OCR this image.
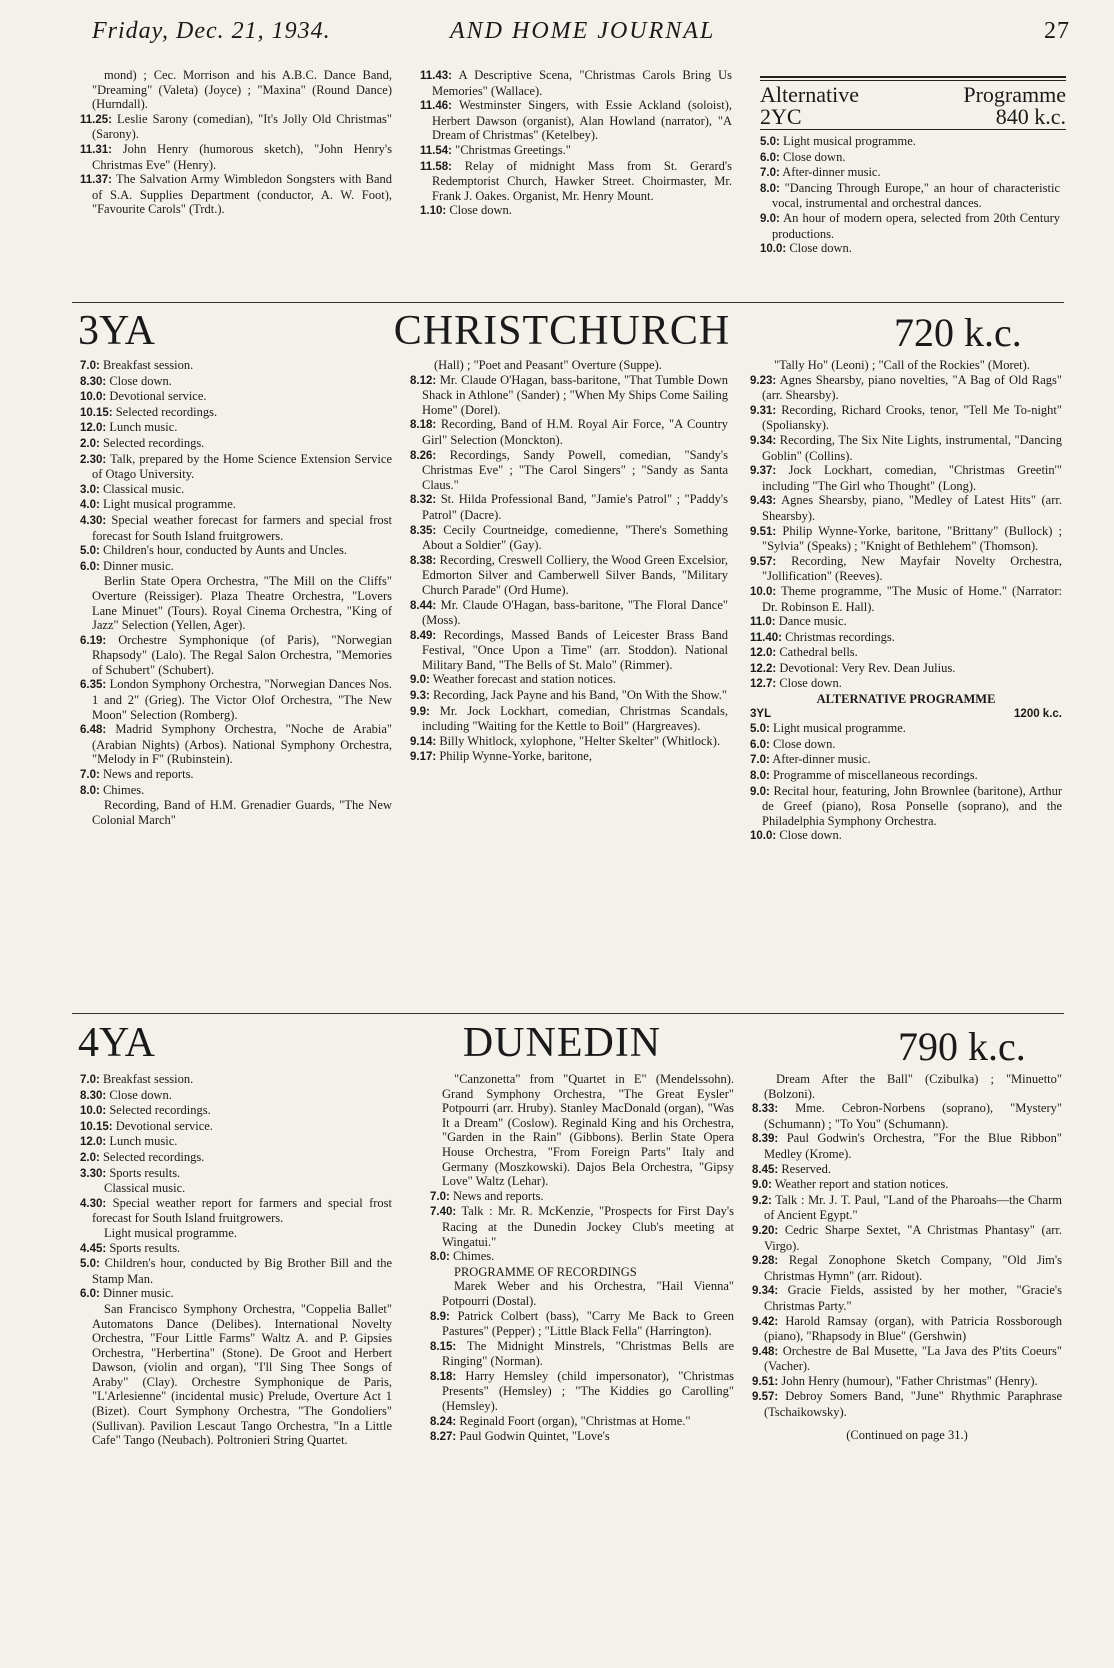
Friday, Dec. 21, 1934.	AND HOME JOURNAL	27

mond) ; Cec. Morrison and his A.B.C. Dance Band, "Dreaming" (Valeta) (Joyce) ; "Maxina" (Round Dance) (Hurndall).

11.25: Leslie Sarony (comedian), "It's Jolly Old Christmas" (Sarony).

11.31: John Henry (humorous sketch), "John Henry's Christmas Eve" (Henry).

11.37: The Salvation Army Wimbledon Songsters with Band of S.A. Supplies Department (conductor, A. W. Foot), "Favourite Carols" (Trdt.).

11.43: A Descriptive Scena, "Christmas Carols Bring Us Memories" (Wallace).

11.46: Westminster Singers, with Essie Ackland (soloist), Herbert Dawson (organist), Alan Howland (narrator), "A Dream of Christmas" (Ketelbey).

11.54: "Christmas Greetings."

11.58: Relay of midnight Mass from St. Gerard's Redemptorist Church, Hawker Street. Choirmaster, Mr. Frank J. Oakes. Organist, Mr. Henry Mount.

1.10: Close down.

Alternative	Programme
2YC	840 k.c.

5.0: Light musical programme.

6.0: Close down.

7.0: After-dinner music.

8.0: "Dancing Through Europe," an hour of characteristic vocal, instrumental and orchestral dances.

9.0: An hour of modern opera, selected from 20th Century productions.

10.0: Close down.

3YA	CHRISTCHURCH	720 k.c.

7.0: Breakfast session.

8.30: Close down.

10.0: Devotional service.

10.15: Selected recordings.

12.0: Lunch music.

2.0: Selected recordings.

2.30: Talk, prepared by the Home Science Extension Service of Otago University.

3.0: Classical music.

4.0: Light musical programme.

4.30: Special weather forecast for farmers and special frost forecast for South Island fruitgrowers.

5.0: Children's hour, conducted by Aunts and Uncles.

6.0: Dinner music.

Berlin State Opera Orchestra, "The Mill on the Cliffs" Overture (Reissiger). Plaza Theatre Orchestra, "Lovers Lane Minuet" (Tours). Royal Cinema Orchestra, "King of Jazz" Selection (Yellen, Ager).

6.19: Orchestre Symphonique (of Paris), "Norwegian Rhapsody" (Lalo). The Regal Salon Orchestra, "Memories of Schubert" (Schubert).

6.35: London Symphony Orchestra, "Norwegian Dances Nos. 1 and 2" (Grieg). The Victor Olof Orchestra, "The New Moon" Selection (Romberg).

6.48: Madrid Symphony Orchestra, "Noche de Arabia" (Arabian Nights) (Arbos). National Symphony Orchestra, "Melody in F" (Rubinstein).

7.0: News and reports.

8.0: Chimes.

Recording, Band of H.M. Grenadier Guards, "The New Colonial March"

(Hall) ; "Poet and Peasant" Overture (Suppe).

8.12: Mr. Claude O'Hagan, bass-baritone, "That Tumble Down Shack in Athlone" (Sander) ; "When My Ships Come Sailing Home" (Dorel).

8.18: Recording, Band of H.M. Royal Air Force, "A Country Girl" Selection (Monckton).

8.26: Recordings, Sandy Powell, comedian, "Sandy's Christmas Eve" ; "The Carol Singers" ; "Sandy as Santa Claus."

8.32: St. Hilda Professional Band, "Jamie's Patrol" ; "Paddy's Patrol" (Dacre).

8.35: Cecily Courtneidge, comedienne, "There's Something About a Soldier" (Gay).

8.38: Recording, Creswell Colliery, the Wood Green Excelsior, Edmorton Silver and Camberwell Silver Bands, "Military Church Parade" (Ord Hume).

8.44: Mr. Claude O'Hagan, bass-baritone, "The Floral Dance" (Moss).

8.49: Recordings, Massed Bands of Leicester Brass Band Festival, "Once Upon a Time" (arr. Stoddon). National Military Band, "The Bells of St. Malo" (Rimmer).

9.0: Weather forecast and station notices.

9.3: Recording, Jack Payne and his Band, "On With the Show."

9.9: Mr. Jock Lockhart, comedian, Christmas Scandals, including "Waiting for the Kettle to Boil" (Hargreaves).

9.14: Billy Whitlock, xylophone, "Helter Skelter" (Whitlock).

9.17: Philip Wynne-Yorke, baritone,

"Tally Ho" (Leoni) ; "Call of the Rockies" (Moret).

9.23: Agnes Shearsby, piano novelties, "A Bag of Old Rags" (arr. Shearsby).

9.31: Recording, Richard Crooks, tenor, "Tell Me To-night" (Spoliansky).

9.34: Recording, The Six Nite Lights, instrumental, "Dancing Goblin" (Collins).

9.37: Jock Lockhart, comedian, "Christmas Greetin'" including "The Girl who Thought" (Long).

9.43: Agnes Shearsby, piano, "Medley of Latest Hits" (arr. Shearsby).

9.51: Philip Wynne-Yorke, baritone, "Brittany" (Bullock) ; "Sylvia" (Speaks) ; "Knight of Bethlehem" (Thomson).

9.57: Recording, New Mayfair Novelty Orchestra, "Jollification" (Reeves).

10.0: Theme programme, "The Music of Home." (Narrator: Dr. Robinson E. Hall).

11.0: Dance music.

11.40: Christmas recordings.

12.0: Cathedral bells.

12.2: Devotional: Very Rev. Dean Julius.

12.7: Close down.

ALTERNATIVE PROGRAMME

3YL	1200 k.c.

5.0: Light musical programme.

6.0: Close down.

7.0: After-dinner music.

8.0: Programme of miscellaneous recordings.

9.0: Recital hour, featuring, John Brownlee (baritone), Arthur de Greef (piano), Rosa Ponselle (soprano), and the Philadelphia Symphony Orchestra.

10.0: Close down.

4YA	DUNEDIN	790 k.c.

7.0: Breakfast session.

8.30: Close down.

10.0: Selected recordings.

10.15: Devotional service.

12.0: Lunch music.

2.0: Selected recordings.

3.30: Sports results.

Classical music.

4.30: Special weather report for farmers and special frost forecast for South Island fruitgrowers.

Light musical programme.

4.45: Sports results.

5.0: Children's hour, conducted by Big Brother Bill and the Stamp Man.

6.0: Dinner music.

San Francisco Symphony Orchestra, "Coppelia Ballet" Automatons Dance (Delibes). International Novelty Orchestra, "Four Little Farms" Waltz A. and P. Gipsies Orchestra, "Herbertina" (Stone). De Groot and Herbert Dawson, (violin and organ), "I'll Sing Thee Songs of Araby" (Clay). Orchestre Symphonique de Paris, "L'Arlesienne" (incidental music) Prelude, Overture Act 1 (Bizet). Court Symphony Orchestra, "The Gondoliers" (Sullivan). Pavilion Lescaut Tango Orchestra, "In a Little Cafe" Tango (Neubach). Poltronieri String Quartet.

"Canzonetta" from "Quartet in E" (Mendelssohn). Grand Symphony Orchestra, "The Great Eysler" Potpourri (arr. Hruby). Stanley MacDonald (organ), "Was It a Dream" (Coslow). Reginald King and his Orchestra, "Garden in the Rain" (Gibbons). Berlin State Opera House Orchestra, "From Foreign Parts" Italy and Germany (Moszkowski). Dajos Bela Orchestra, "Gipsy Love" Waltz (Lehar).

7.0: News and reports.

7.40: Talk : Mr. R. McKenzie, "Prospects for First Day's Racing at the Dunedin Jockey Club's meeting at Wingatui."

8.0: Chimes.

PROGRAMME OF RECORDINGS

Marek Weber and his Orchestra, "Hail Vienna" Potpourri (Dostal).

8.9: Patrick Colbert (bass), "Carry Me Back to Green Pastures" (Pepper) ; "Little Black Fella" (Harrington).

8.15: The Midnight Minstrels, "Christmas Bells are Ringing" (Norman).

8.18: Harry Hemsley (child impersonator), "Christmas Presents" (Hemsley) ; "The Kiddies go Carolling" (Hemsley).

8.24: Reginald Foort (organ), "Christmas at Home."

8.27: Paul Godwin Quintet, "Love's

Dream After the Ball" (Czibulka) ; "Minuetto" (Bolzoni).

8.33: Mme. Cebron-Norbens (soprano), "Mystery" (Schumann) ; "To You" (Schumann).

8.39: Paul Godwin's Orchestra, "For the Blue Ribbon" Medley (Krome).

8.45: Reserved.

9.0: Weather report and station notices.

9.2: Talk : Mr. J. T. Paul, "Land of the Pharoahs—the Charm of Ancient Egypt."

9.20: Cedric Sharpe Sextet, "A Christmas Phantasy" (arr. Virgo).

9.28: Regal Zonophone Sketch Company, "Old Jim's Christmas Hymn" (arr. Ridout).

9.34: Gracie Fields, assisted by her mother, "Gracie's Christmas Party."

9.42: Harold Ramsay (organ), with Patricia Rossborough (piano), "Rhapsody in Blue" (Gershwin)

9.48: Orchestre de Bal Musette, "La Java des P'tits Coeurs" (Vacher).

9.51: John Henry (humour), "Father Christmas" (Henry).

9.57: Debroy Somers Band, "June" Rhythmic Paraphrase (Tschaikowsky).

(Continued on page 31.)
